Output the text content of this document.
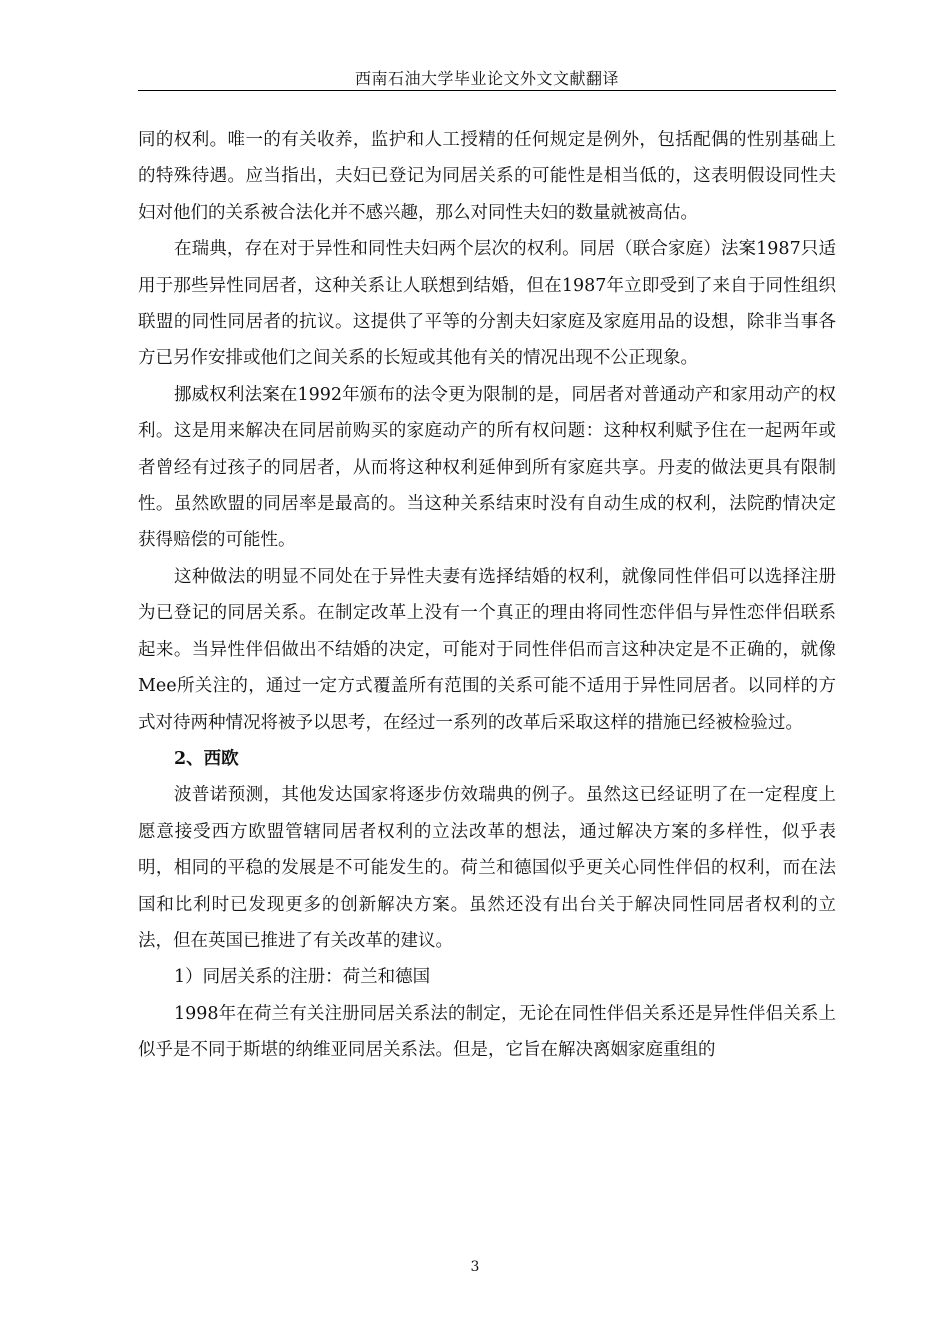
西南石油大学毕业论文外文文献翻译

同的权利。唯一的有关收养，监护和人工授精的任何规定是例外，包括配偶的性别基础上的特殊待遇。应当指出，夫妇已登记为同居关系的可能性是相当低的，这表明假设同性夫妇对他们的关系被合法化并不感兴趣，那么对同性夫妇的数量就被高估。

在瑞典，存在对于异性和同性夫妇两个层次的权利。同居（联合家庭）法案1987只适用于那些异性同居者，这种关系让人联想到结婚，但在1987年立即受到了来自于同性组织联盟的同性同居者的抗议。这提供了平等的分割夫妇家庭及家庭用品的设想，除非当事各方已另作安排或他们之间关系的长短或其他有关的情况出现不公正现象。

挪威权利法案在1992年颁布的法令更为限制的是，同居者对普通动产和家用动产的权利。这是用来解决在同居前购买的家庭动产的所有权问题：这种权利赋予住在一起两年或者曾经有过孩子的同居者，从而将这种权利延伸到所有家庭共享。丹麦的做法更具有限制性。虽然欧盟的同居率是最高的。当这种关系结束时没有自动生成的权利，法院酌情决定获得赔偿的可能性。

这种做法的明显不同处在于异性夫妻有选择结婚的权利，就像同性伴侣可以选择注册为已登记的同居关系。在制定改革上没有一个真正的理由将同性恋伴侣与异性恋伴侣联系起来。当异性伴侣做出不结婚的决定，可能对于同性伴侣而言这种决定是不正确的，就像Mee所关注的，通过一定方式覆盖所有范围的关系可能不适用于异性同居者。以同样的方式对待两种情况将被予以思考，在经过一系列的改革后采取这样的措施已经被检验过。

2、西欧

波普诺预测，其他发达国家将逐步仿效瑞典的例子。虽然这已经证明了在一定程度上愿意接受西方欧盟管辖同居者权利的立法改革的想法，通过解决方案的多样性，似乎表明，相同的平稳的发展是不可能发生的。荷兰和德国似乎更关心同性伴侣的权利，而在法国和比利时已发现更多的创新解决方案。虽然还没有出台关于解决同性同居者权利的立法，但在英国已推进了有关改革的建议。

1）同居关系的注册：荷兰和德国

1998年在荷兰有关注册同居关系法的制定，无论在同性伴侣关系还是异性伴侣关系上似乎是不同于斯堪的纳维亚同居关系法。但是，它旨在解决离姻家庭重组的

3
